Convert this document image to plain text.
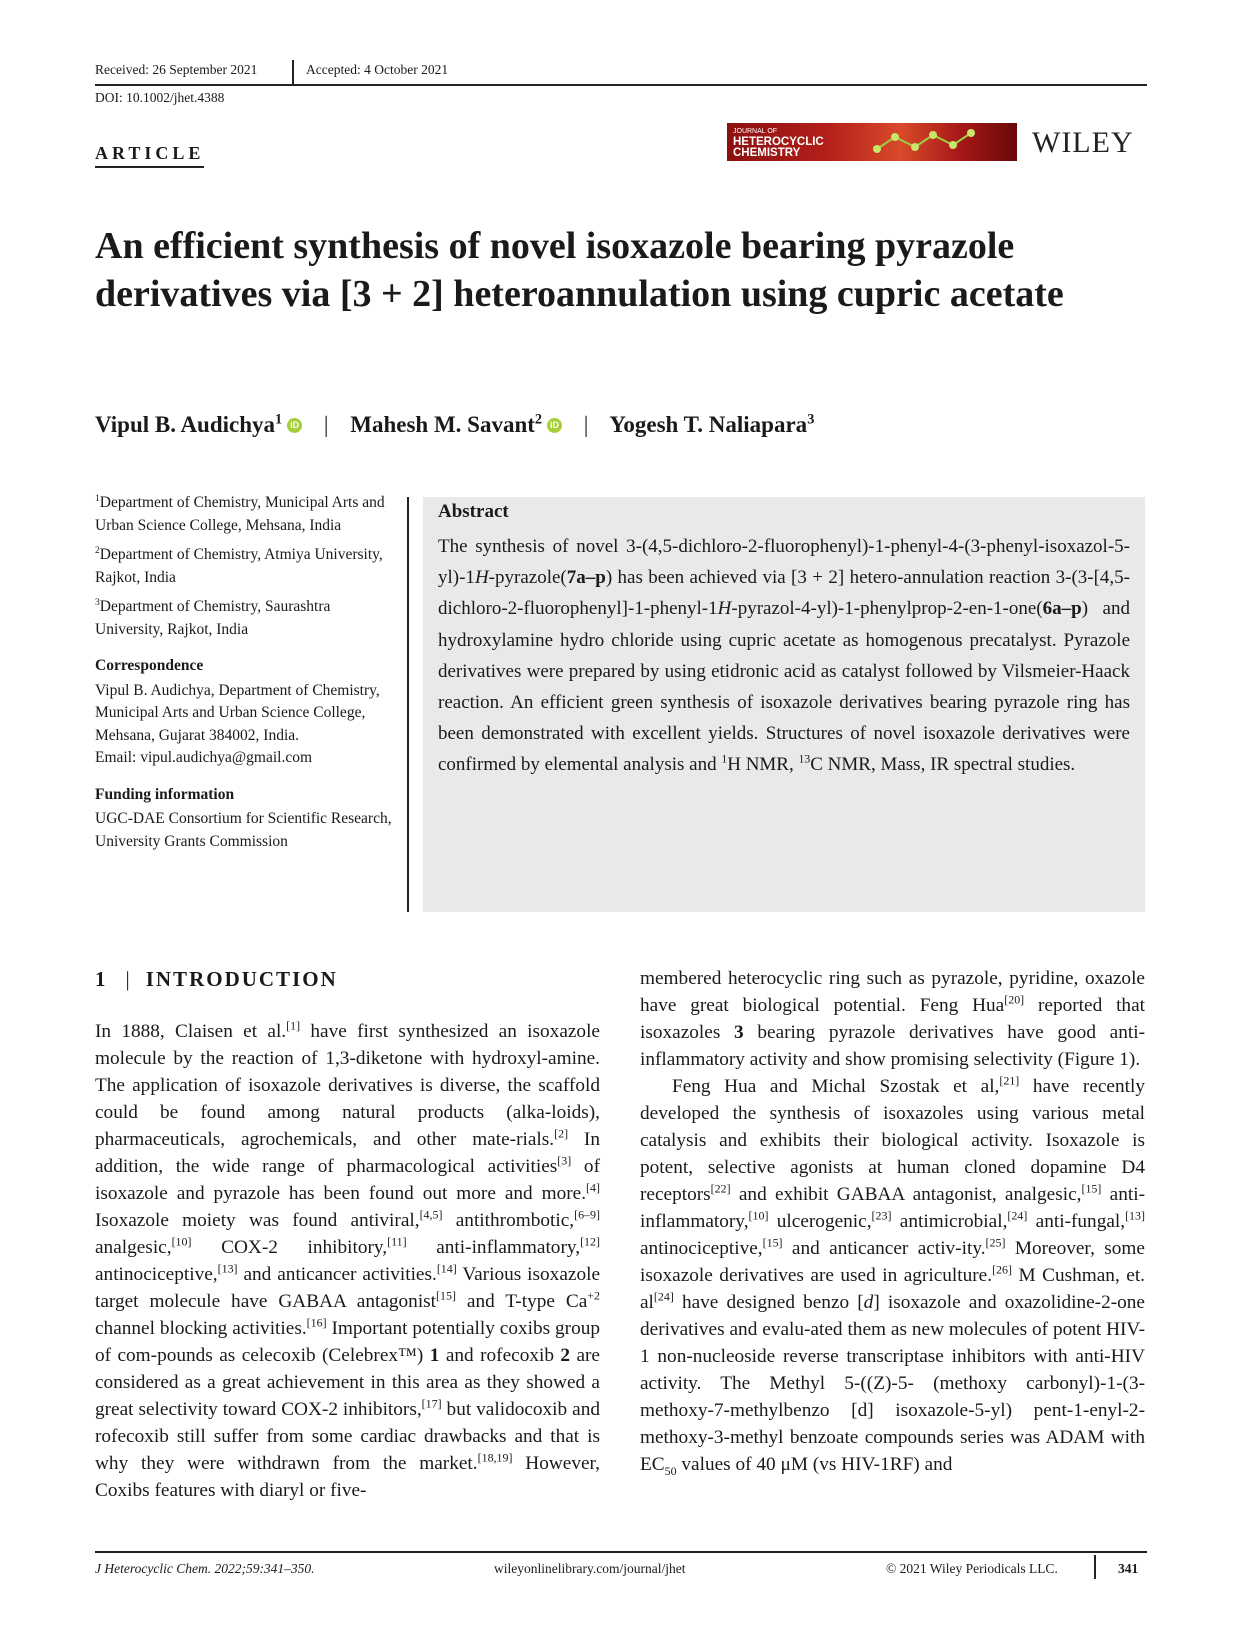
Received: 26 September 2021	Accepted: 4 October 2021
DOI: 10.1002/jhet.4388
ARTICLE
JOURNAL OF
HETEROCYCLIC
CHEMISTRY	WILEY
An efficient synthesis of novel isoxazole bearing pyrazole derivatives via [3 + 2] heteroannulation using cupric acetate
Vipul B. Audichya$^1$ iD | Mahesh M. Savant$^2$ iD | Yogesh T. Naliapara$^3$

$^1$Department of Chemistry, Municipal Arts and Urban Science College, Mehsana, India

$^2$Department of Chemistry, Atmiya University, Rajkot, India

$^3$Department of Chemistry, Saurashtra University, Rajkot, India

Correspondence
Vipul B. Audichya, Department of Chemistry, Municipal Arts and Urban Science College, Mehsana, Gujarat 384002, India.
Email: vipul.audichya@gmail.com
Funding information
UGC-DAE Consortium for Scientific Research, University Grants Commission
Abstract
The synthesis of novel 3-(4,5-dichloro-2-fluorophenyl)-1-phenyl-4-(3-phenyl-isoxazol-5-yl)-1H-pyrazole(7a–p) has been achieved via [3 + 2] hetero-annulation reaction 3-(3-[4,5-dichloro-2-fluorophenyl]-1-phenyl-1H-pyrazol-4-yl)-1-phenylprop-2-en-1-one(6a–p) and hydroxylamine hydro chloride using cupric acetate as homogenous precatalyst. Pyrazole derivatives were prepared by using etidronic acid as catalyst followed by Vilsmeier-Haack reaction. An efficient green synthesis of isoxazole derivatives bearing pyrazole ring has been demonstrated with excellent yields. Structures of novel isoxazole derivatives were confirmed by elemental analysis and $^1$H NMR, $^{13}$C NMR, Mass, IR spectral studies.
1 | INTRODUCTION

In 1888, Claisen et al.[1] have first synthesized an isoxazole molecule by the reaction of 1,3-diketone with hydroxyl-amine. The application of isoxazole derivatives is diverse, the scaffold could be found among natural products (alka-loids), pharmaceuticals, agrochemicals, and other mate-rials.[2] In addition, the wide range of pharmacological activities[3] of isoxazole and pyrazole has been found out more and more.[4] Isoxazole moiety was found antiviral,[4,5] antithrombotic,[6–9] analgesic,[10] COX-2 inhibitory,[11] anti-inflammatory,[12] antinociceptive,[13] and anticancer activities.[14] Various isoxazole target molecule have GABAA antagonist[15] and T-type $Ca^{+2}$ channel blocking activities.[16] Important potentially coxibs group of com-pounds as celecoxib (Celebrex™) 1 and rofecoxib 2 are considered as a great achievement in this area as they showed a great selectivity toward COX-2 inhibitors,[17] but validocoxib and rofecoxib still suffer from some cardiac drawbacks and that is why they were withdrawn from the market.[18,19] However, Coxibs features with diaryl or five-

membered heterocyclic ring such as pyrazole, pyridine, oxazole have great biological potential. Feng Hua[20] reported that isoxazoles 3 bearing pyrazole derivatives have good anti-inflammatory activity and show promising selectivity (Figure 1).

Feng Hua and Michal Szostak et al,[21] have recently developed the synthesis of isoxazoles using various metal catalysis and exhibits their biological activity. Isoxazole is potent, selective agonists at human cloned dopamine D4 receptors[22] and exhibit GABAA antagonist, analgesic,[15] anti-inflammatory,[10] ulcerogenic,[23] antimicrobial,[24] anti-fungal,[13] antinociceptive,[15] and anticancer activ-ity.[25] Moreover, some isoxazole derivatives are used in agriculture.[26] M Cushman, et. al[24] have designed benzo [d] isoxazole and oxazolidine-2-one derivatives and evalu-ated them as new molecules of potent HIV-1 non-nucleoside reverse transcriptase inhibitors with anti-HIV activity. The Methyl 5-((Z)-5- (methoxy carbonyl)-1-(3-methoxy-7-methylbenzo [d] isoxazole-5-yl) pent-1-enyl-2-methoxy-3-methyl benzoate compounds series was ADAM with $EC_{50}$ values of 40 μM (vs HIV-1RF) and

J Heterocyclic Chem. 2022;59:341–350.	wileyonlinelibrary.com/journal/jhet	© 2021 Wiley Periodicals LLC.	341
